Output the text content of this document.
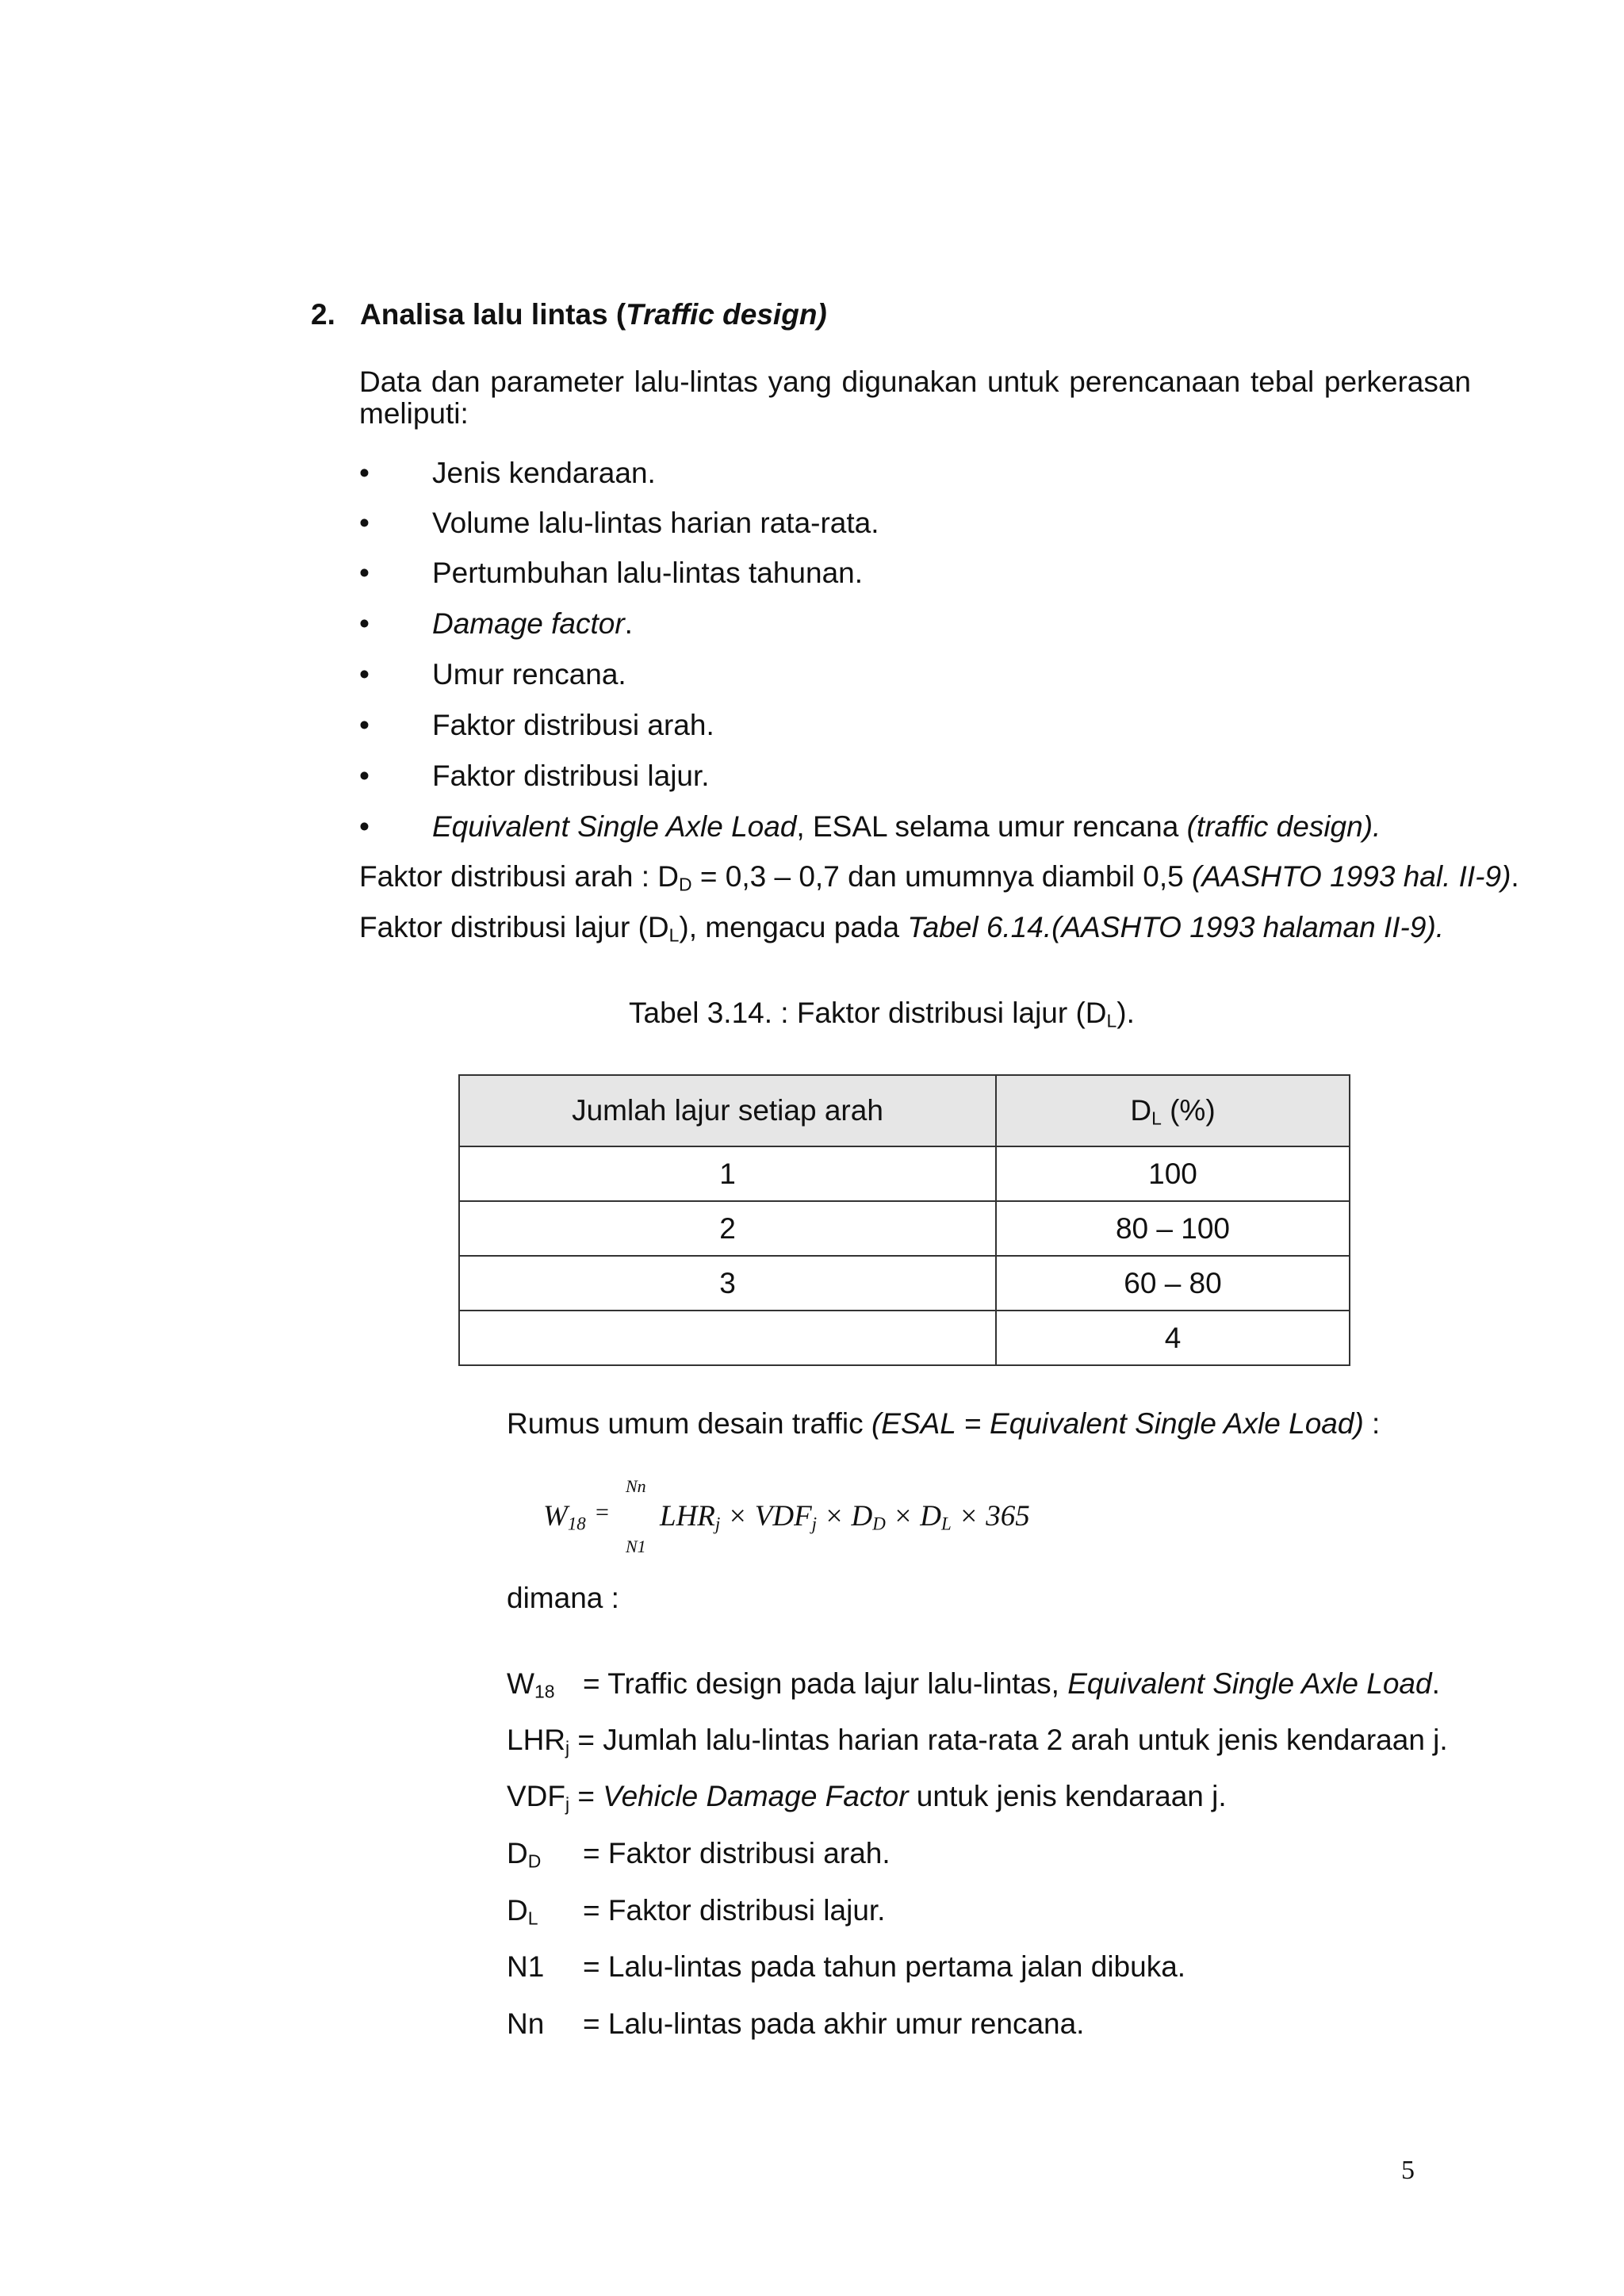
2. Analisa lalu lintas (Traffic design)
Data dan parameter lalu-lintas yang digunakan untuk perencanaan tebal perkerasan
meliputi:
• Jenis kendaraan.
• Volume lalu-lintas harian rata-rata.
• Pertumbuhan lalu-lintas tahunan.
• Damage factor.
• Umur rencana.
• Faktor distribusi arah.
• Faktor distribusi lajur.
• Equivalent Single Axle Load, ESAL selama umur rencana (traffic design).
Faktor distribusi arah : $D_D = 0,3 - 0,7$ dan umumnya diambil 0,5 (AASHTO 1993 hal. II-9).
Faktor distribusi lajur $(D_L)$, mengacu pada Tabel 6.14.(AASHTO 1993 halaman II-9).
Tabel 3.14. : Faktor distribusi lajur $(D_L)$.
Jumlah lajur setiap arah	$D_L$ (%)
1	100
2	80 – 100
3	60 – 80
	4
Rumus umum desain traffic (ESAL = Equivalent Single Axle Load) :
Nn
N1
$W_{18} = LHR_j \times VDF_j \times D_D \times D_L \times 365$
dimana :
$W_{18}$ = Traffic design pada lajur lalu-lintas, Equivalent Single Axle Load.
$LHR_j$ = Jumlah lalu-lintas harian rata-rata 2 arah untuk jenis kendaraan j.
$VDF_j$ = Vehicle Damage Factor untuk jenis kendaraan j.
$D_D$ = Faktor distribusi arah.
$D_L$ = Faktor distribusi lajur.
N1 = Lalu-lintas pada tahun pertama jalan dibuka.
Nn = Lalu-lintas pada akhir umur rencana.
5
